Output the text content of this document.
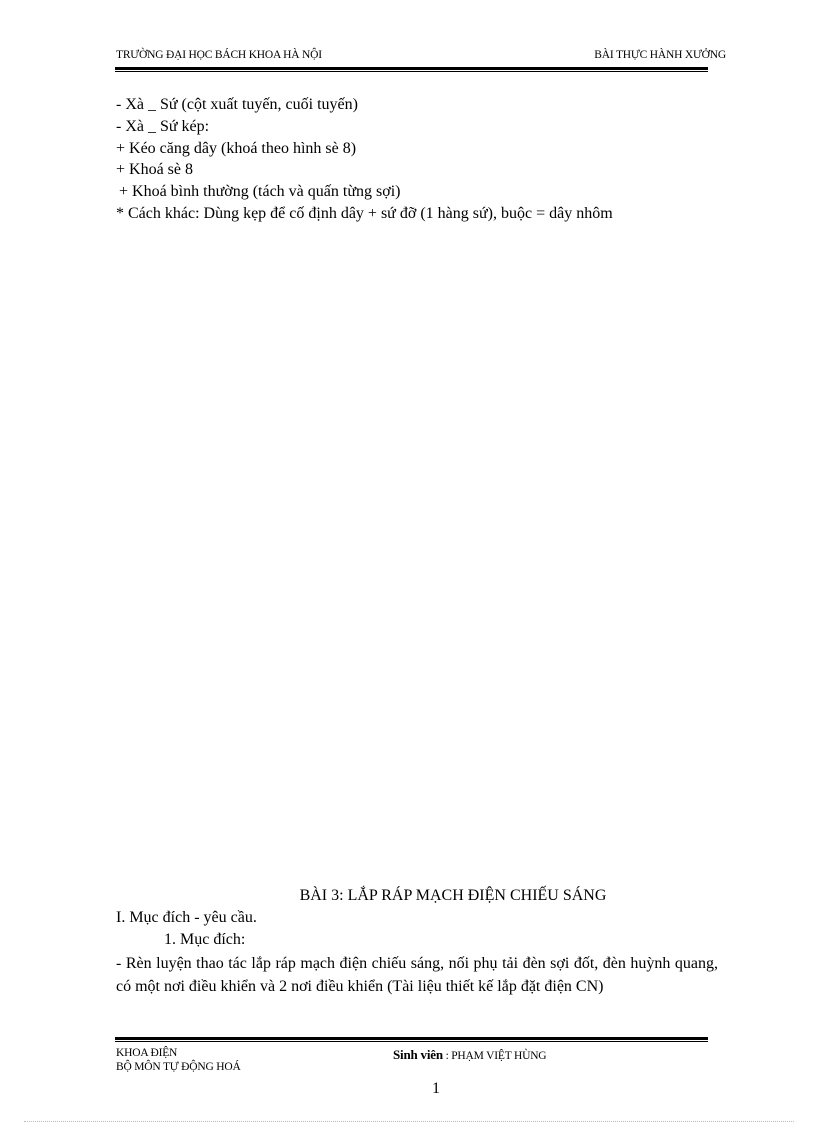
TRƯỜNG ĐẠI HỌC BÁCH KHOA HÀ NỘI	BÀI THỰC HÀNH XƯỞNG
- Xà _ Sứ (cột xuất tuyến, cuối tuyến)
- Xà _ Sứ kép:
+ Kéo căng dây (khoá theo hình sè 8)
+ Khoá sè 8
+ Khoá bình thường (tách và quấn từng sợi)
* Cách khác: Dùng kẹp để cố định dây + sứ đỡ (1 hàng sứ), buộc = dây nhôm
BÀI 3: LẮP RÁP MẠCH ĐIỆN CHIẾU SÁNG
I. Mục đích - yêu cầu.
1. Mục đích:
- Rèn luyện thao tác lắp ráp mạch điện chiếu sáng, nối phụ tải đèn sợi đốt, đèn huỳnh quang, có một nơi điều khiển và 2 nơi điều khiển (Tài liệu thiết kế lắp đặt điện CN)
KHOA ĐIỆN
BỘ MÔN TỰ ĐỘNG HOÁ
Sinh viên : PHẠM VIỆT HÙNG
1
